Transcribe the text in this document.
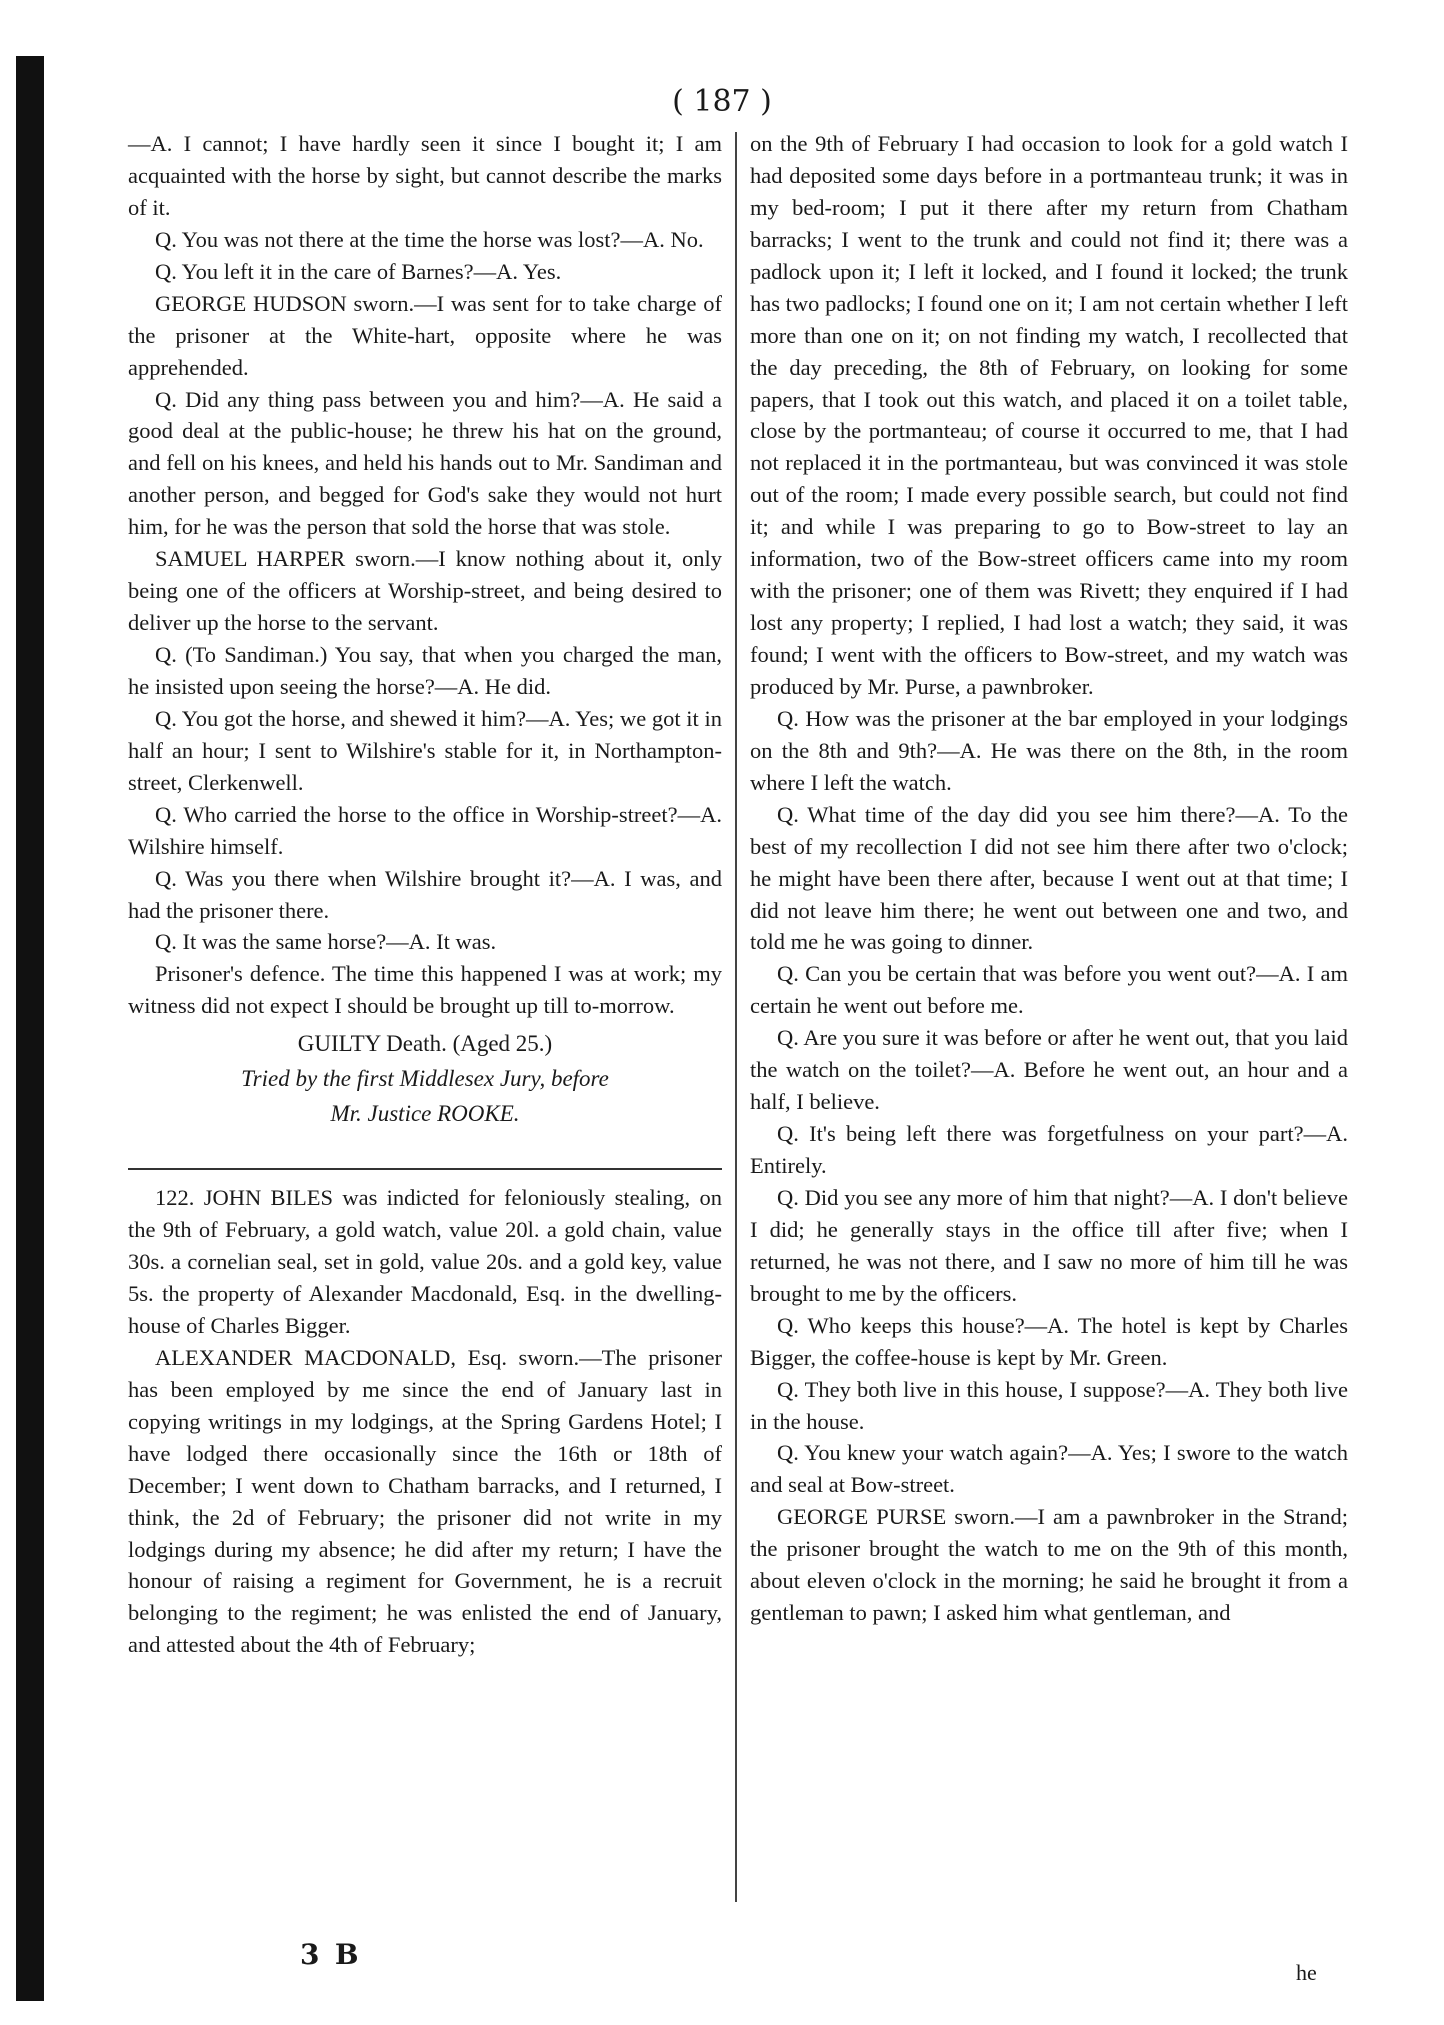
( 187 )

—A. I cannot; I have hardly seen it since I bought it; I am acquainted with the horse by sight, but cannot describe the marks of it.

Q. You was not there at the time the horse was lost?—A. No.

Q. You left it in the care of Barnes?—A. Yes.

GEORGE HUDSON sworn.—I was sent for to take charge of the prisoner at the White-hart, opposite where he was apprehended.

Q. Did any thing pass between you and him?—A. He said a good deal at the public-house; he threw his hat on the ground, and fell on his knees, and held his hands out to Mr. Sandiman and another person, and begged for God's sake they would not hurt him, for he was the person that sold the horse that was stole.

SAMUEL HARPER sworn.—I know nothing about it, only being one of the officers at Worship-street, and being desired to deliver up the horse to the servant.

Q. (To Sandiman.) You say, that when you charged the man, he insisted upon seeing the horse?—A. He did.

Q. You got the horse, and shewed it him?—A. Yes; we got it in half an hour; I sent to Wilshire's stable for it, in Northampton-street, Clerkenwell.

Q. Who carried the horse to the office in Worship-street?—A. Wilshire himself.

Q. Was you there when Wilshire brought it?—A. I was, and had the prisoner there.

Q. It was the same horse?—A. It was.

Prisoner's defence. The time this happened I was at work; my witness did not expect I should be brought up till to-morrow.

GUILTY Death. (Aged 25.)

Tried by the first Middlesex Jury, before

Mr. Justice ROOKE.

122. JOHN BILES was indicted for feloniously stealing, on the 9th of February, a gold watch, value 20l. a gold chain, value 30s. a cornelian seal, set in gold, value 20s. and a gold key, value 5s. the property of Alexander Macdonald, Esq. in the dwelling-house of Charles Bigger.

ALEXANDER MACDONALD, Esq. sworn.—The prisoner has been employed by me since the end of January last in copying writings in my lodgings, at the Spring Gardens Hotel; I have lodged there occasionally since the 16th or 18th of December; I went down to Chatham barracks, and I returned, I think, the 2d of February; the prisoner did not write in my lodgings during my absence; he did after my return; I have the honour of raising a regiment for Government, he is a recruit belonging to the regiment; he was enlisted the end of January, and attested about the 4th of February;

on the 9th of February I had occasion to look for a gold watch I had deposited some days before in a portmanteau trunk; it was in my bed-room; I put it there after my return from Chatham barracks; I went to the trunk and could not find it; there was a padlock upon it; I left it locked, and I found it locked; the trunk has two padlocks; I found one on it; I am not certain whether I left more than one on it; on not finding my watch, I recollected that the day preceding, the 8th of February, on looking for some papers, that I took out this watch, and placed it on a toilet table, close by the portmanteau; of course it occurred to me, that I had not replaced it in the portmanteau, but was convinced it was stole out of the room; I made every possible search, but could not find it; and while I was preparing to go to Bow-street to lay an information, two of the Bow-street officers came into my room with the prisoner; one of them was Rivett; they enquired if I had lost any property; I replied, I had lost a watch; they said, it was found; I went with the officers to Bow-street, and my watch was produced by Mr. Purse, a pawnbroker.

Q. How was the prisoner at the bar employed in your lodgings on the 8th and 9th?—A. He was there on the 8th, in the room where I left the watch.

Q. What time of the day did you see him there?—A. To the best of my recollection I did not see him there after two o'clock; he might have been there after, because I went out at that time; I did not leave him there; he went out between one and two, and told me he was going to dinner.

Q. Can you be certain that was before you went out?—A. I am certain he went out before me.

Q. Are you sure it was before or after he went out, that you laid the watch on the toilet?—A. Before he went out, an hour and a half, I believe.

Q. It's being left there was forgetfulness on your part?—A. Entirely.

Q. Did you see any more of him that night?—A. I don't believe I did; he generally stays in the office till after five; when I returned, he was not there, and I saw no more of him till he was brought to me by the officers.

Q. Who keeps this house?—A. The hotel is kept by Charles Bigger, the coffee-house is kept by Mr. Green.

Q. They both live in this house, I suppose?—A. They both live in the house.

Q. You knew your watch again?—A. Yes; I swore to the watch and seal at Bow-street.

GEORGE PURSE sworn.—I am a pawnbroker in the Strand; the prisoner brought the watch to me on the 9th of this month, about eleven o'clock in the morning; he said he brought it from a gentleman to pawn; I asked him what gentleman, and

3 B
he
